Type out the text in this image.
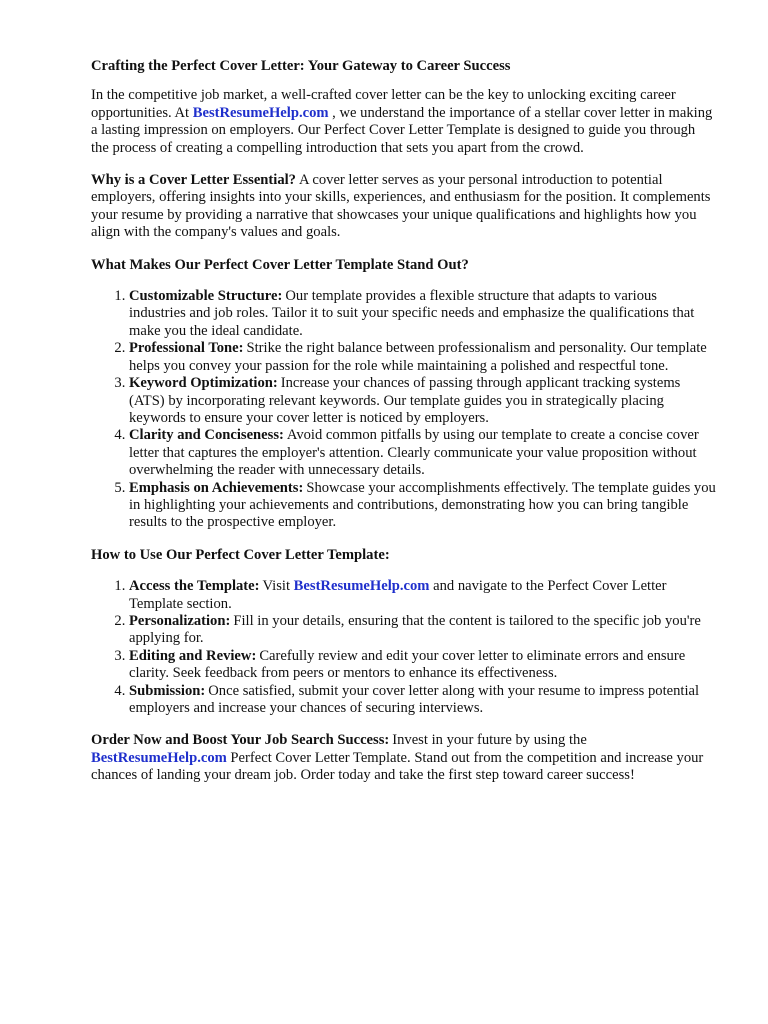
Crafting the Perfect Cover Letter: Your Gateway to Career Success

In the competitive job market, a well-crafted cover letter can be the key to unlocking exciting career opportunities. At BestResumeHelp.com , we understand the importance of a stellar cover letter in making a lasting impression on employers. Our Perfect Cover Letter Template is designed to guide you through the process of creating a compelling introduction that sets you apart from the crowd.

Why is a Cover Letter Essential? A cover letter serves as your personal introduction to potential employers, offering insights into your skills, experiences, and enthusiasm for the position. It complements your resume by providing a narrative that showcases your unique qualifications and highlights how you align with the company's values and goals.

What Makes Our Perfect Cover Letter Template Stand Out?
1. Customizable Structure: Our template provides a flexible structure that adapts to various industries and job roles. Tailor it to suit your specific needs and emphasize the qualifications that make you the ideal candidate.
2. Professional Tone: Strike the right balance between professionalism and personality. Our template helps you convey your passion for the role while maintaining a polished and respectful tone.
3. Keyword Optimization: Increase your chances of passing through applicant tracking systems (ATS) by incorporating relevant keywords. Our template guides you in strategically placing keywords to ensure your cover letter is noticed by employers.
4. Clarity and Conciseness: Avoid common pitfalls by using our template to create a concise cover letter that captures the employer's attention. Clearly communicate your value proposition without overwhelming the reader with unnecessary details.
5. Emphasis on Achievements: Showcase your accomplishments effectively. The template guides you in highlighting your achievements and contributions, demonstrating how you can bring tangible results to the prospective employer.
How to Use Our Perfect Cover Letter Template:
1. Access the Template: Visit BestResumeHelp.com and navigate to the Perfect Cover Letter Template section.
2. Personalization: Fill in your details, ensuring that the content is tailored to the specific job you're applying for.
3. Editing and Review: Carefully review and edit your cover letter to eliminate errors and ensure clarity. Seek feedback from peers or mentors to enhance its effectiveness.
4. Submission: Once satisfied, submit your cover letter along with your resume to impress potential employers and increase your chances of securing interviews.

Order Now and Boost Your Job Search Success: Invest in your future by using the BestResumeHelp.com Perfect Cover Letter Template. Stand out from the competition and increase your chances of landing your dream job. Order today and take the first step toward career success!
